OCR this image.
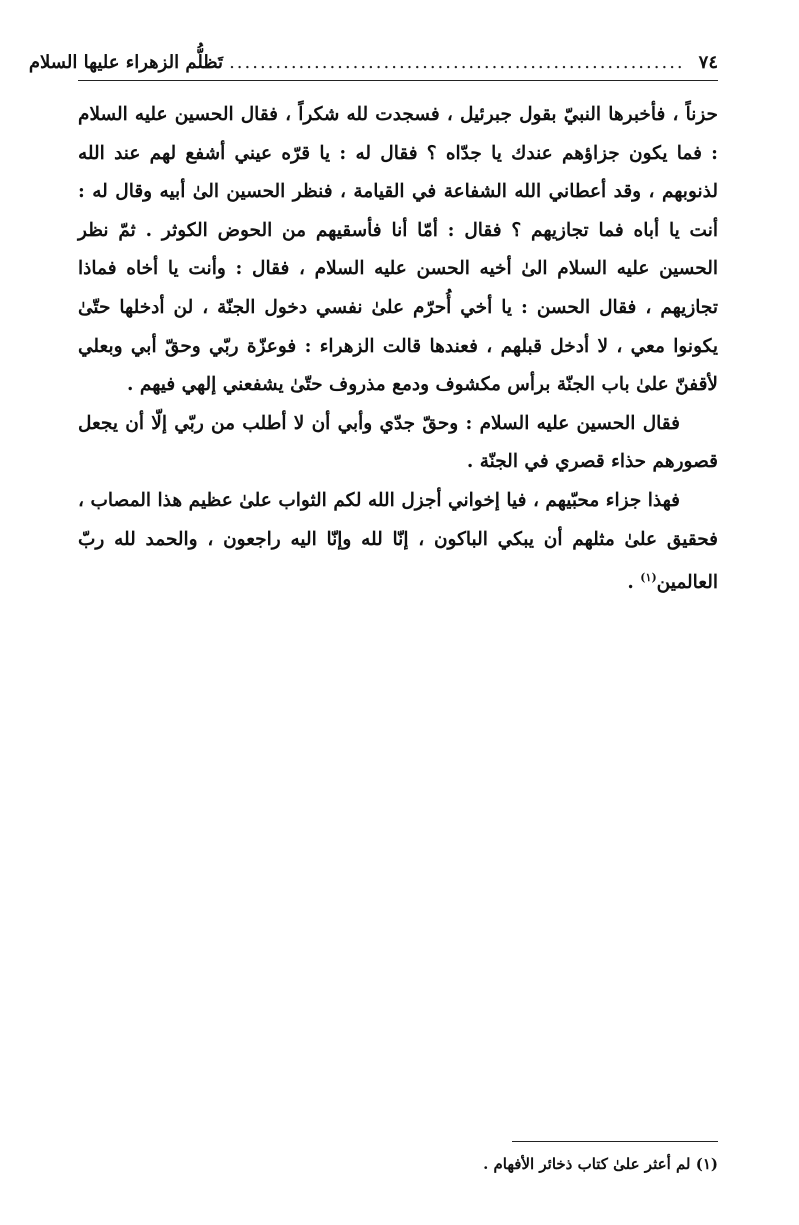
٧٤
...........................................................
تَظلُّم الزهراء عليها السلام

حزناً ، فأخبرها النبيّ بقول جبرئيل ، فسجدت لله شكراً ، فقال الحسين عليه السلام : فما يكون جزاؤهم عندك يا جدّاه ؟ فقال له : يا قرّه عيني أشفع لهم عند الله لذنوبهم ، وقد أعطاني الله الشفاعة في القيامة ، فنظر الحسين الىٰ أبيه وقال له : أنت يا أباه فما تجازيهم ؟ فقال : أمّا أنا فأسقيهم من الحوض الكوثر . ثمّ نظر الحسين عليه السلام الىٰ أخيه الحسن عليه السلام ، فقال : وأنت يا أخاه فماذا تجازيهم ، فقال الحسن : يا أخي أُحرّم علىٰ نفسي دخول الجنّة ، لن أدخلها حتّىٰ يكونوا معي ، لا أدخل قبلهم ، فعندها قالت الزهراء : فوعزّة ربّي وحقّ أبي وبعلي لأقفنّ علىٰ باب الجنّة برأس مكشوف ودمع مذروف حتّىٰ يشفعني إلهي فيهم .

فقال الحسين عليه السلام : وحقّ جدّي وأبي أن لا أطلب من ربّي إلّا أن يجعل قصورهم حذاء قصري في الجنّة .

فهذا جزاء محبّيهم ، فيا إخواني أجزل الله لكم الثواب علىٰ عظيم هذا المصاب ، فحقيق علىٰ مثلهم أن يبكي الباكون ، إنّا لله وإنّا اليه راجعون ، والحمد لله ربّ العالمين$^{(١)}$ .

(١) لم أعثر علىٰ كتاب ذخائر الأفهام .
